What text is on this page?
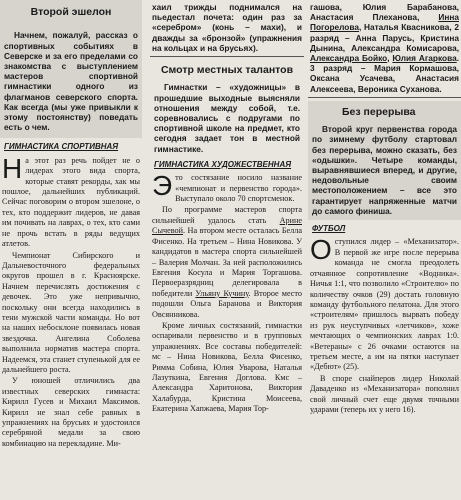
Второй эшелон
Начнем, пожалуй, рассказ о спортивных событиях в Северске и за его пределами со знакомства с выступлением мастеров спортивной гимнастики одного из флагманов северского спорта. Как всегда (мы уже привыкли к этому постоянству) поведать есть о чем.
ГИМНАСТИКА СПОРТИВНАЯ

На этот раз речь пойдет не о лидерах этого вида спорта, которые ставят рекорды, хак мы пошлое, дальнейших публикаций. Сейчас поговорим о втором эшелоне, о тех, кто поддержит лидеров, не давая им почивать на лаврах, о тех, кто сами не прочь встать в ряды ведущих атлетов.

Чемпионат Сибирского и Дальневосточного федеральных округов прошел в г. Красноярске. Начнем перечислять достижения с девочек. Это уже непривычно, поскольку они всегда находились в тени мужской части команды. Но вот на наших небосклоне появилась новая звездочка. Ангелина Соболева выполнила норматив мастера спорта. Надеемся, эта станет ступенькой для ее дальнейшего роста.

У юношей отличились два известных северских гимнаста: Кирилл Гусев и Михаил Максимов. Кирилл не знал себе равных в упражнениях на брусьях и удостоился серебряной медали за свою комбинацию на перекладине. Ми-

хаил трижды поднимался на пьедестал почета: один раз за «серебром» (конь – махи), и дважды за «бронзой» (упражнения на кольцах и на брусьях).

Смотр местных талантов
Гимнастки – «художницы» в прошедшие выходные выясняли отношения между собой, т.е. соревновались с подругами по спортивной школе на предмет, кто сегодня задает тон в местной гимнастике.
ГИМНАСТИКА ХУДОЖЕСТВЕННАЯ

Это состязание носило название «чемпионат и первенство города». Выступало около 70 спортсменок.

По программе мастеров спорта сильнейшей удалось стать Арине Сычевой. На втором месте осталась Белла Фисенко. На третьем – Нина Новикова. У кандидатов в мастера спорта сильнейшей – Валерия Молчан. За ней расположились Евгения Косула и Мария Торгашова. Первоеразрядниц делегировала в победители Ульяну Кучину. Второе место подошли Ольга Баранова и Виктория Овсянникова.

Кроме личных состязаний, гимнастки оспаривали первенство и в групповых упражнениях. Все составы победителей: мс – Нина Новикова, Белла Фисенко, Римма Собина, Юлия Уварова, Наталья Лазуткина, Евгения Доглова. Кмс – Александра Харитонова, Виктория Халабурда, Кристина Моисеева, Екатерина Хапжаева, Мария Тор-

гашова, Юлия Барабанова, Анастасия Плеханова, Инна Погорелова, Наталья Квасникова, 2 разряд – Анна Парусь, Кристина Дынина, Александра Комисарова, Александра Бойко, Юлия Агаркова. 3 разряд – Мария Кормашова, Оксана Усачева, Анастасия Алексеева, Вероника Суханова.

Без перерыва
Второй круг первенства города по зимнему футболу стартовал без перерыва, можно сказать, без «одышки». Четыре команды, выравнявшиеся вперед, и другие, недовольные своим местоположением – все это гарантирует напряженные матчи до самого финиша.
ФУТБОЛ

Оступился лидер – «Механизатор». В первой же игре после перерыва команда не смогла преодолеть отчаянное сопротивление «Водника». Ничья 1:1, что позволило «Строителю» по количеству очков (29) достать головную команду футбольного пелатона. Для этого «строителям» пришлось вырвать победу из рук неуступчивых «летчиков», хоже мечтающих о чемпионских лаврах 1:0. «Ветераны» с 26 очками остаются на третьем месте, а им на пятки наступает «Дебют» (25).

В споре снайперов лидер Николай Даваденко из «Механизатора» пополнил свой личный счет еще двумя точными ударами (теперь их у него 16).
